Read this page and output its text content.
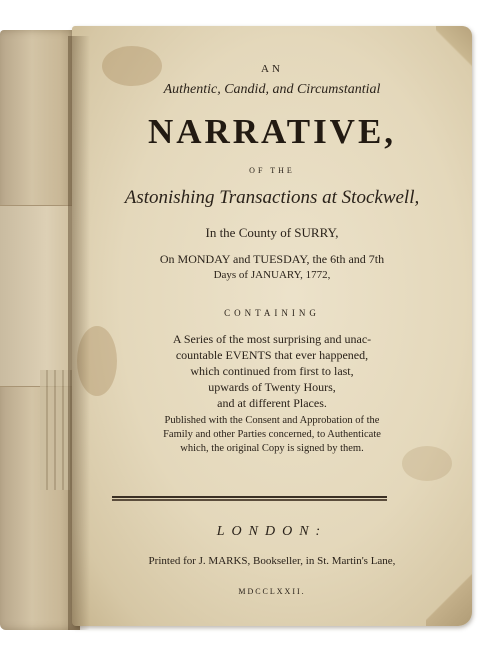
AN
Authentic, Candid, and Circumstantial
NARRATIVE,
OF THE
Astonishing Transactions at Stockwell,
In the County of SURRY,
On MONDAY and TUESDAY, the 6th and 7th
Days of JANUARY, 1772,
CONTAINING
A Series of the most surprising and unac-
countable EVENTS that ever happened,
which continued from first to last,
upwards of Twenty Hours,
and at different Places.
Published with the Consent and Approbation of the
Family and other Parties concerned, to Authenticate
which, the original Copy is signed by them.
LONDON:
Printed for J. MARKS, Bookseller, in St. Martin's Lane,
MDCCLXXII.
